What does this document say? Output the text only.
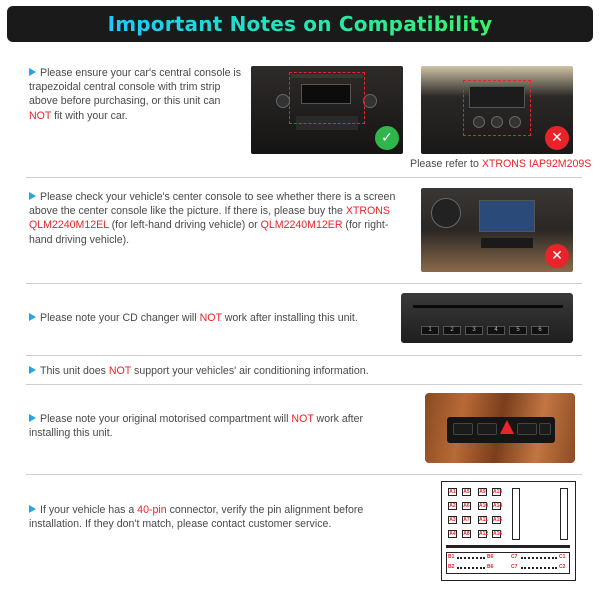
Important Notes on Compatibility
Please ensure your car's central console is trapezoidal central console with trim strip above before purchasing, or this unit can NOT fit with your car.
✓	✕
Please refer to XTRONS IAP92M209S
Please check your vehicle's center console to see whether there is a screen above the center console like the picture. If there is, please buy the XTRONS QLM2240M12EL (for left-hand driving vehicle) or QLM2240M12ER (for right-hand driving vehicle).
✕
Please note your CD changer will NOT work after installing this unit.
1	2	3	4	5	6
This unit does NOT support your vehicles' air conditioning information.
Please note your original motorised compartment will NOT work after installing this unit.
If your vehicle has a 40-pin connector, verify the pin alignment before installation. If they don't match, please contact customer service.
A1 A5 A9 A13
A2 A6 A10 A14
A3 A7 A11 A15
A4 A8 A12 A16
B1	B6	C7	C1
B2	B6	C7	C2
